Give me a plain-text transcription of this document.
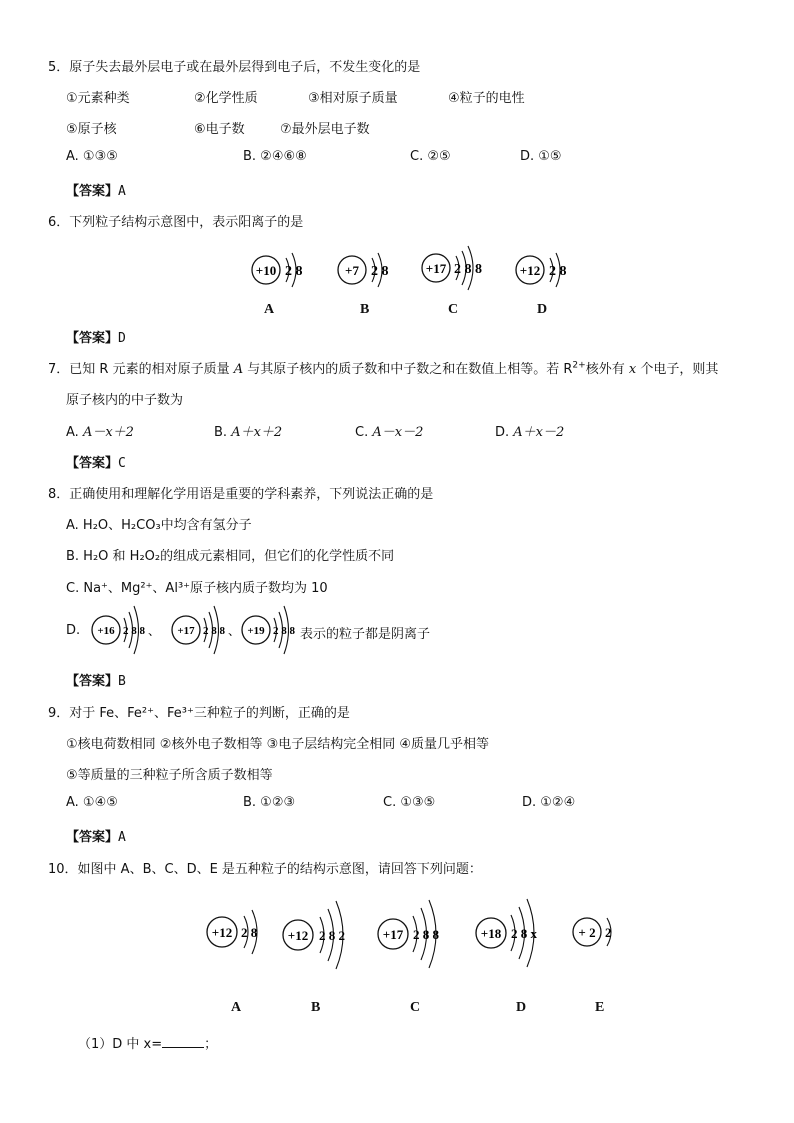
5．原子失去最外层电子或在最外层得到电子后，不发生变化的是
①元素种类	②化学性质	③相对原子质量	④粒子的电性
⑤原子核	⑥电子数	⑦最外层电子数
A. ①③⑤	B. ②④⑥⑧	C. ②⑤	D. ①⑤
【答案】A
6．下列粒子结构示意图中，表示阳离子的是
+10 2 8	+7 2 8	+17 2 8 8	+12 2 8
A	B	C	D
【答案】D
7．已知 R 元素的相对原子质量 A 与其原子核内的质子数和中子数之和在数值上相等。若 $R^{2+}$核外有 x 个电子，则其
原子核内的中子数为
A. A－x＋2	B. A＋x＋2	C. A－x－2	D. A＋x－2
【答案】C
8．正确使用和理解化学用语是重要的学科素养，下列说法正确的是
A. H₂O、H₂CO₃中均含有氢分子
B. H₂O 和 H₂O₂的组成元素相同，但它们的化学性质不同
C. Na⁺、Mg²⁺、Al³⁺原子核内质子数均为 10
D. +16 2 8 8 、 +17 2 8 8 、 +19 2 8 8 表示的粒子都是阴离子
【答案】B
9．对于 Fe、Fe²⁺、Fe³⁺三种粒子的判断，正确的是
①核电荷数相同 ②核外电子数相等 ③电子层结构完全相同 ④质量几乎相等
⑤等质量的三种粒子所含质子数相等
A. ①④⑤	B. ①②③	C. ①③⑤	D. ①②④
【答案】A
10．如图中 A、B、C、D、E 是五种粒子的结构示意图，请回答下列问题：
+12 2 8 +12 2 8 2	+17 2 8 8	+18 2 8 x	+ 2 2
A	B	C	D	E
（1）D 中 x=	；
